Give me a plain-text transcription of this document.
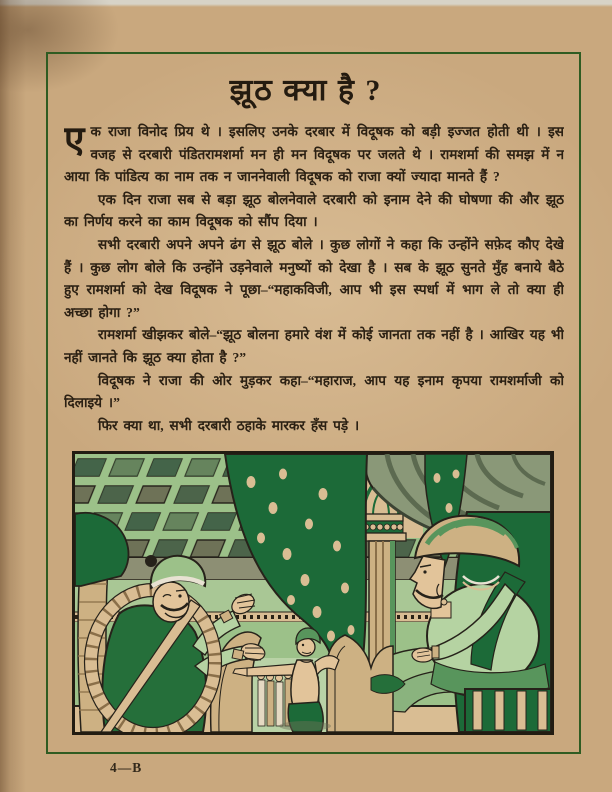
झूठ क्या है ?

एक राजा विनोद प्रिय थे । इसलिए उनके दरबार में विदूषक को बड़ी इज्जत होती थी । इस वजह से दरबारी पंडितरामशर्मा मन ही मन विदूषक पर जलते थे । रामशर्मा की समझ में न आया कि पांडित्य का नाम तक न जाननेवाली विदूषक को राजा क्यों ज्यादा मानते हैं ?

एक दिन राजा सब से बड़ा झूठ बोलनेवाले दरबारी को इनाम देने की घोषणा की और झूठ का निर्णय करने का काम विदूषक को सौंप दिया ।

सभी दरबारी अपने अपने ढंग से झूठ बोले । कुछ लोगों ने कहा कि उन्होंने सफ़ेद कौए देखे हैं । कुछ लोग बोले कि उन्होंने उड़नेवाले मनुष्यों को देखा है । सब के झूठ सुनते मुँह बनाये बैठे हुए रामशर्मा को देख विदूषक ने पूछा–“महाकविजी, आप भी इस स्पर्धा में भाग ले तो क्या ही अच्छा होगा ?”

रामशर्मा खीझकर बोले–“झूठ बोलना हमारे वंश में कोई जानता तक नहीं है । आखिर यह भी नहीं जानते कि झूठ क्या होता है ?”

विदूषक ने राजा की ओर मुड़कर कहा–“महाराज, आप यह इनाम कृपया रामशर्माजी को दिलाइये ।”

फिर क्या था, सभी दरबारी ठहाके मारकर हँस पड़े ।

4—B
